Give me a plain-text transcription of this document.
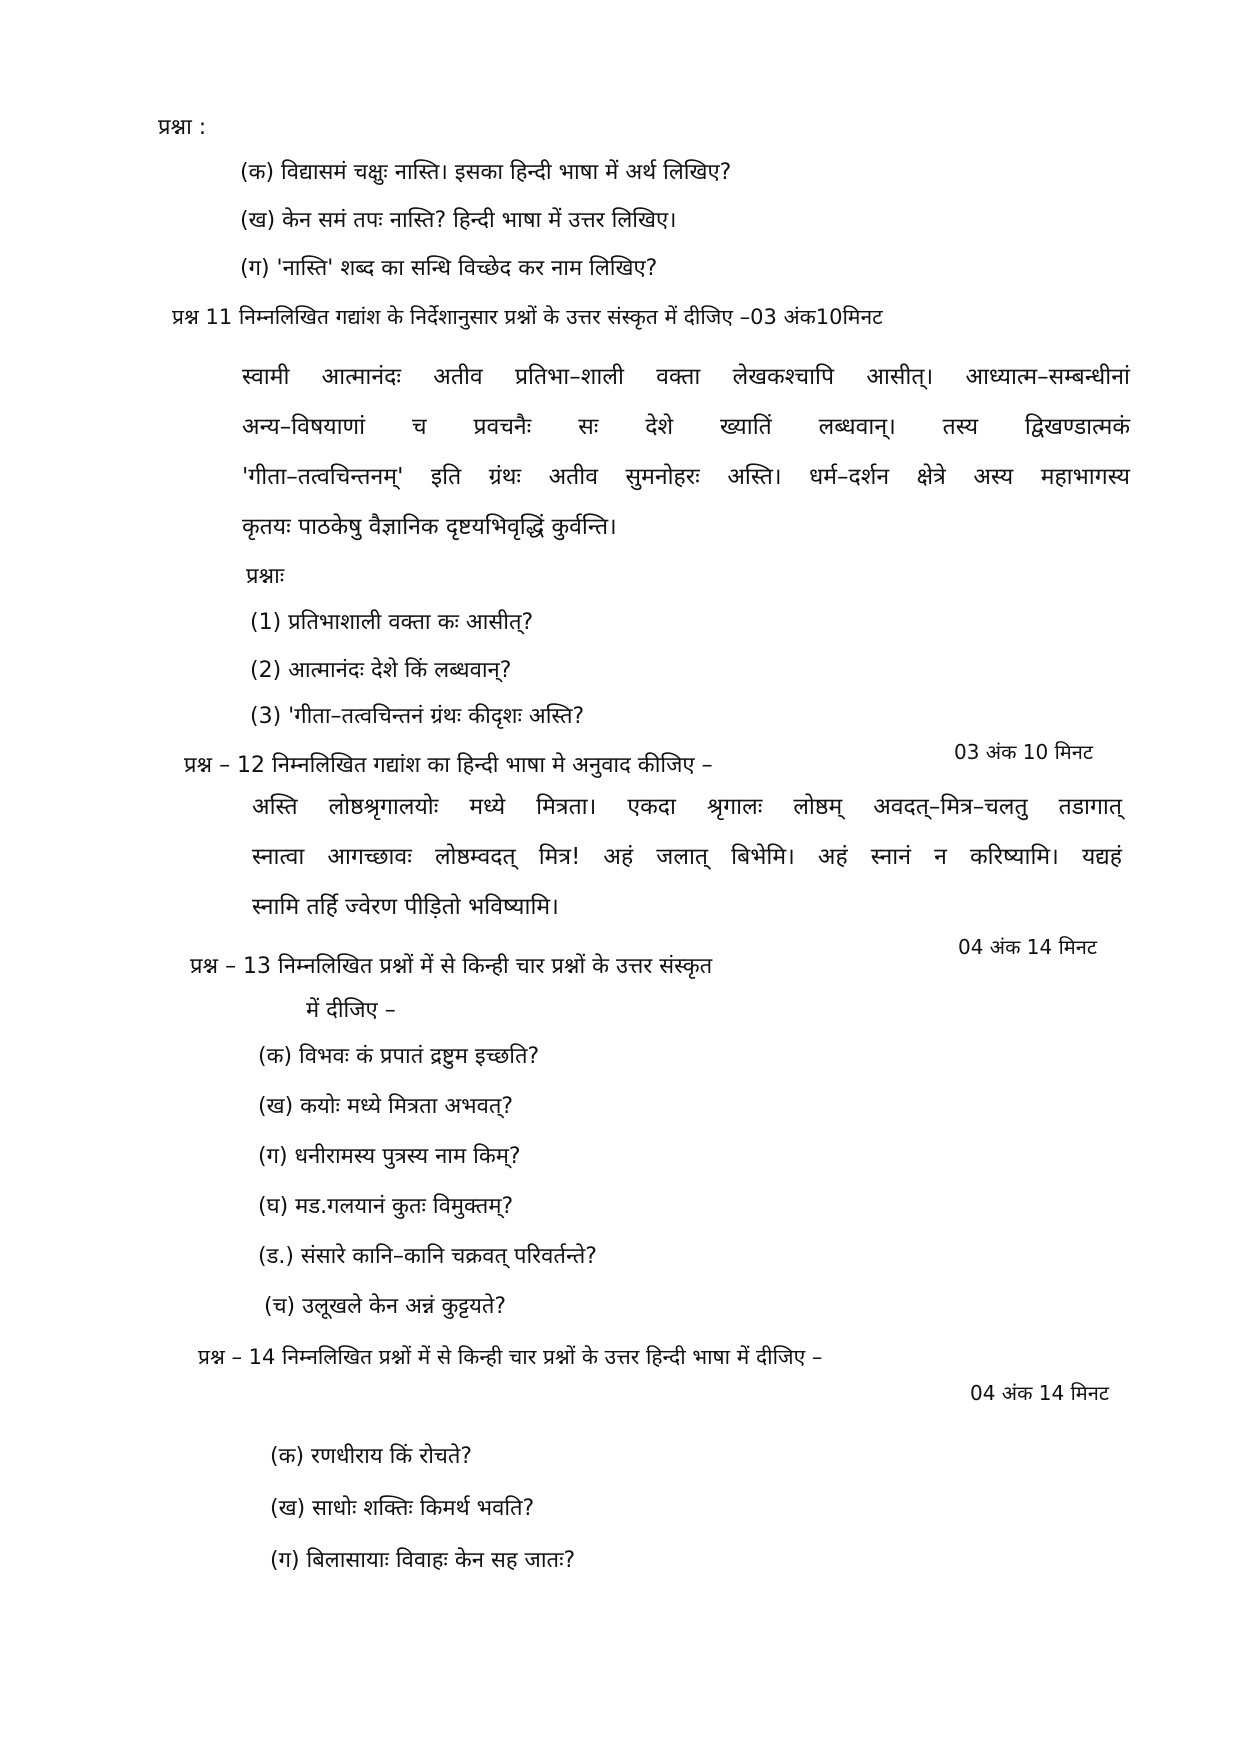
प्रश्ना :
(क) विद्यासमं चक्षुः नास्ति। इसका हिन्दी भाषा में अर्थ लिखिए?
(ख) केन समं तपः नास्ति? हिन्दी भाषा में उत्तर लिखिए।
(ग) 'नास्ति' शब्द का सन्धि विच्छेद कर नाम लिखिए?
प्रश्न 11 निम्नलिखित गद्यांश के निर्देशानुसार प्रश्नों के उत्तर संस्कृत में दीजिए –03 अंक10मिनट
स्वामी आत्मानंदः अतीव प्रतिभा–शाली वक्ता लेखकश्चापि आसीत्। आध्यात्म–सम्बन्धीनां
अन्य–विषयाणां च प्रवचनैः सः देशे ख्यातिं लब्धवान्। तस्य द्विखण्डात्मकं
'गीता–तत्वचिन्तनम्' इति ग्रंथः अतीव सुमनोहरः अस्ति। धर्म–दर्शन क्षेत्रे अस्य महाभागस्य
कृतयः पाठकेषु वैज्ञानिक दृष्टयभिवृद्धिं कुर्वन्ति।
प्रश्नाः
(1) प्रतिभाशाली वक्ता कः आसीत्?
(2) आत्मानंदः देशे किं लब्धवान्?
(3) 'गीता–तत्वचिन्तनं ग्रंथः कीदृशः अस्ति?
प्रश्न – 12 निम्नलिखित गद्यांश का हिन्दी भाषा मे अनुवाद कीजिए –
03 अंक 10 मिनट
अस्ति लोष्ठश्रृगालयोः मध्ये मित्रता। एकदा श्रृगालः लोष्ठम् अवदत्–मित्र–चलतु तडागात्
स्नात्वा आगच्छावः लोष्ठम्वदत् मित्र! अहं जलात् बिभेमि। अहं स्नानं न करिष्यामि। यद्यहं
स्नामि तर्हि ज्वेरण पीड़ितो भविष्यामि।
प्रश्न – 13 निम्नलिखित प्रश्नों में से किन्ही चार प्रश्नों के उत्तर संस्कृत
04 अंक 14 मिनट
में दीजिए –
(क) विभवः कं प्रपातं द्रष्टुम इच्छति?
(ख) कयोः मध्ये मित्रता अभवत्?
(ग) धनीरामस्य पुत्रस्य नाम किम्?
(घ) मड.गलयानं कुतः विमुक्तम्?
(ड.) संसारे कानि–कानि चक्रवत् परिवर्तन्ते?
(च) उलूखले केन अन्नं कुट्टयते?
प्रश्न – 14 निम्नलिखित प्रश्नों में से किन्ही चार प्रश्नों के उत्तर हिन्दी भाषा में दीजिए –
04 अंक 14 मिनट
(क) रणधीराय किं रोचते?
(ख) साधोः शक्तिः किमर्थ भवति?
(ग) बिलासायाः विवाहः केन सह जातः?
